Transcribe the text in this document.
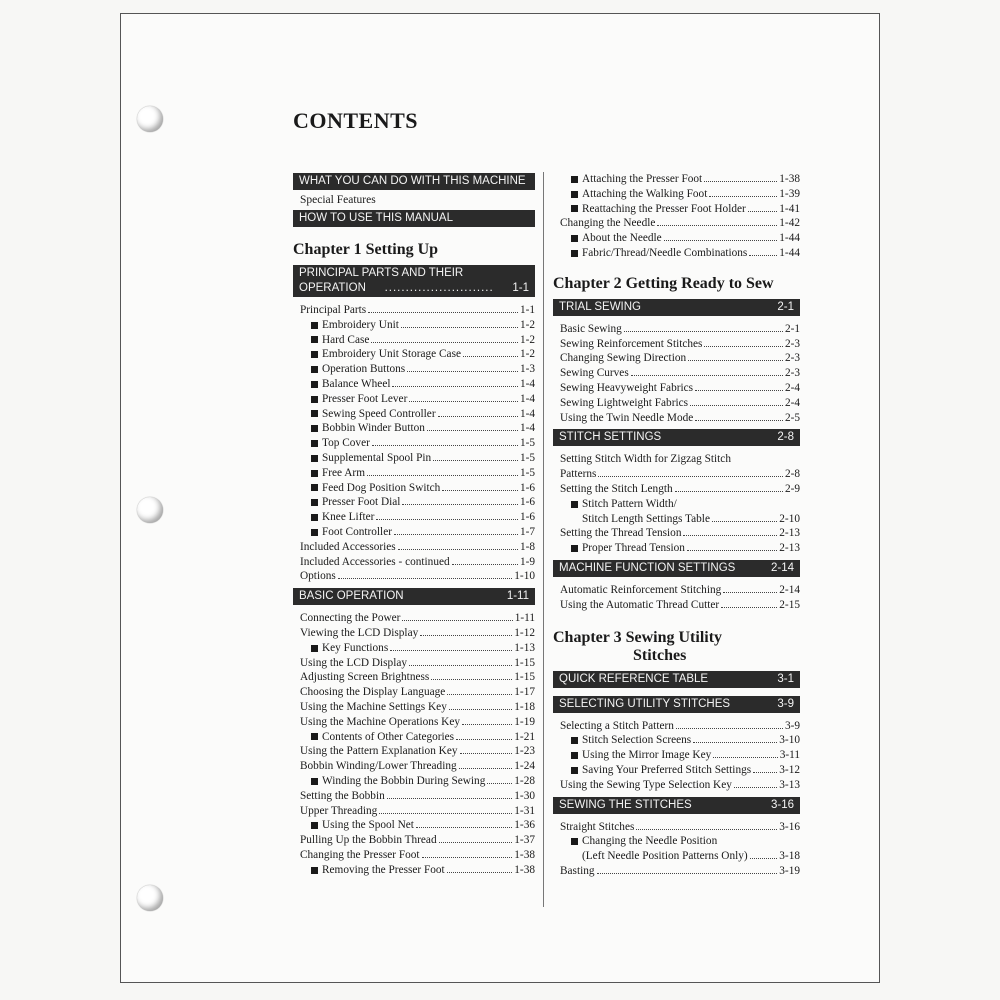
CONTENTS
WHAT YOU CAN DO WITH THIS MACHINE
Special Features
HOW TO USE THIS MANUAL
Chapter 1 Setting Up
PRINCIPAL PARTS AND THEIR
OPERATION .......................... 1-1
Principal Parts	1-1
Embroidery Unit	1-2
Hard Case	1-2
Embroidery Unit Storage Case	1-2
Operation Buttons	1-3
Balance Wheel	1-4
Presser Foot Lever	1-4
Sewing Speed Controller	1-4
Bobbin Winder Button	1-4
Top Cover	1-5
Supplemental Spool Pin	1-5
Free Arm	1-5
Feed Dog Position Switch	1-6
Presser Foot Dial	1-6
Knee Lifter	1-6
Foot Controller	1-7
Included Accessories	1-8
Included Accessories - continued	1-9
Options	1-10
BASIC OPERATION	1-11
Connecting the Power	1-11
Viewing the LCD Display	1-12
Key Functions	1-13
Using the LCD Display	1-15
Adjusting Screen Brightness	1-15
Choosing the Display Language	1-17
Using the Machine Settings Key	1-18
Using the Machine Operations Key	1-19
Contents of Other Categories	1-21
Using the Pattern Explanation Key	1-23
Bobbin Winding/Lower Threading	1-24
Winding the Bobbin During Sewing	1-28
Setting the Bobbin	1-30
Upper Threading	1-31
Using the Spool Net	1-36
Pulling Up the Bobbin Thread	1-37
Changing the Presser Foot	1-38
Removing the Presser Foot	1-38
Attaching the Presser Foot	1-38
Attaching the Walking Foot	1-39
Reattaching the Presser Foot Holder	1-41
Changing the Needle	1-42
About the Needle	1-44
Fabric/Thread/Needle Combinations	1-44
Chapter 2 Getting Ready to Sew
TRIAL SEWING	2-1
Basic Sewing	2-1
Sewing Reinforcement Stitches	2-3
Changing Sewing Direction	2-3
Sewing Curves	2-3
Sewing Heavyweight Fabrics	2-4
Sewing Lightweight Fabrics	2-4
Using the Twin Needle Mode	2-5
STITCH SETTINGS	2-8
Setting Stitch Width for Zigzag Stitch
Patterns	2-8
Setting the Stitch Length	2-9
Stitch Pattern Width/
Stitch Length Settings Table	2-10
Setting the Thread Tension	2-13
Proper Thread Tension	2-13
MACHINE FUNCTION SETTINGS	2-14
Automatic Reinforcement Stitching	2-14
Using the Automatic Thread Cutter	2-15
Chapter 3 Sewing Utility
Stitches
QUICK REFERENCE TABLE	3-1
SELECTING UTILITY STITCHES	3-9
Selecting a Stitch Pattern	3-9
Stitch Selection Screens	3-10
Using the Mirror Image Key	3-11
Saving Your Preferred Stitch Settings 3-12
Using the Sewing Type Selection Key	3-13
SEWING THE STITCHES	3-16
Straight Stitches	3-16
Changing the Needle Position
(Left Needle Position Patterns Only)	3-18
Basting	3-19
